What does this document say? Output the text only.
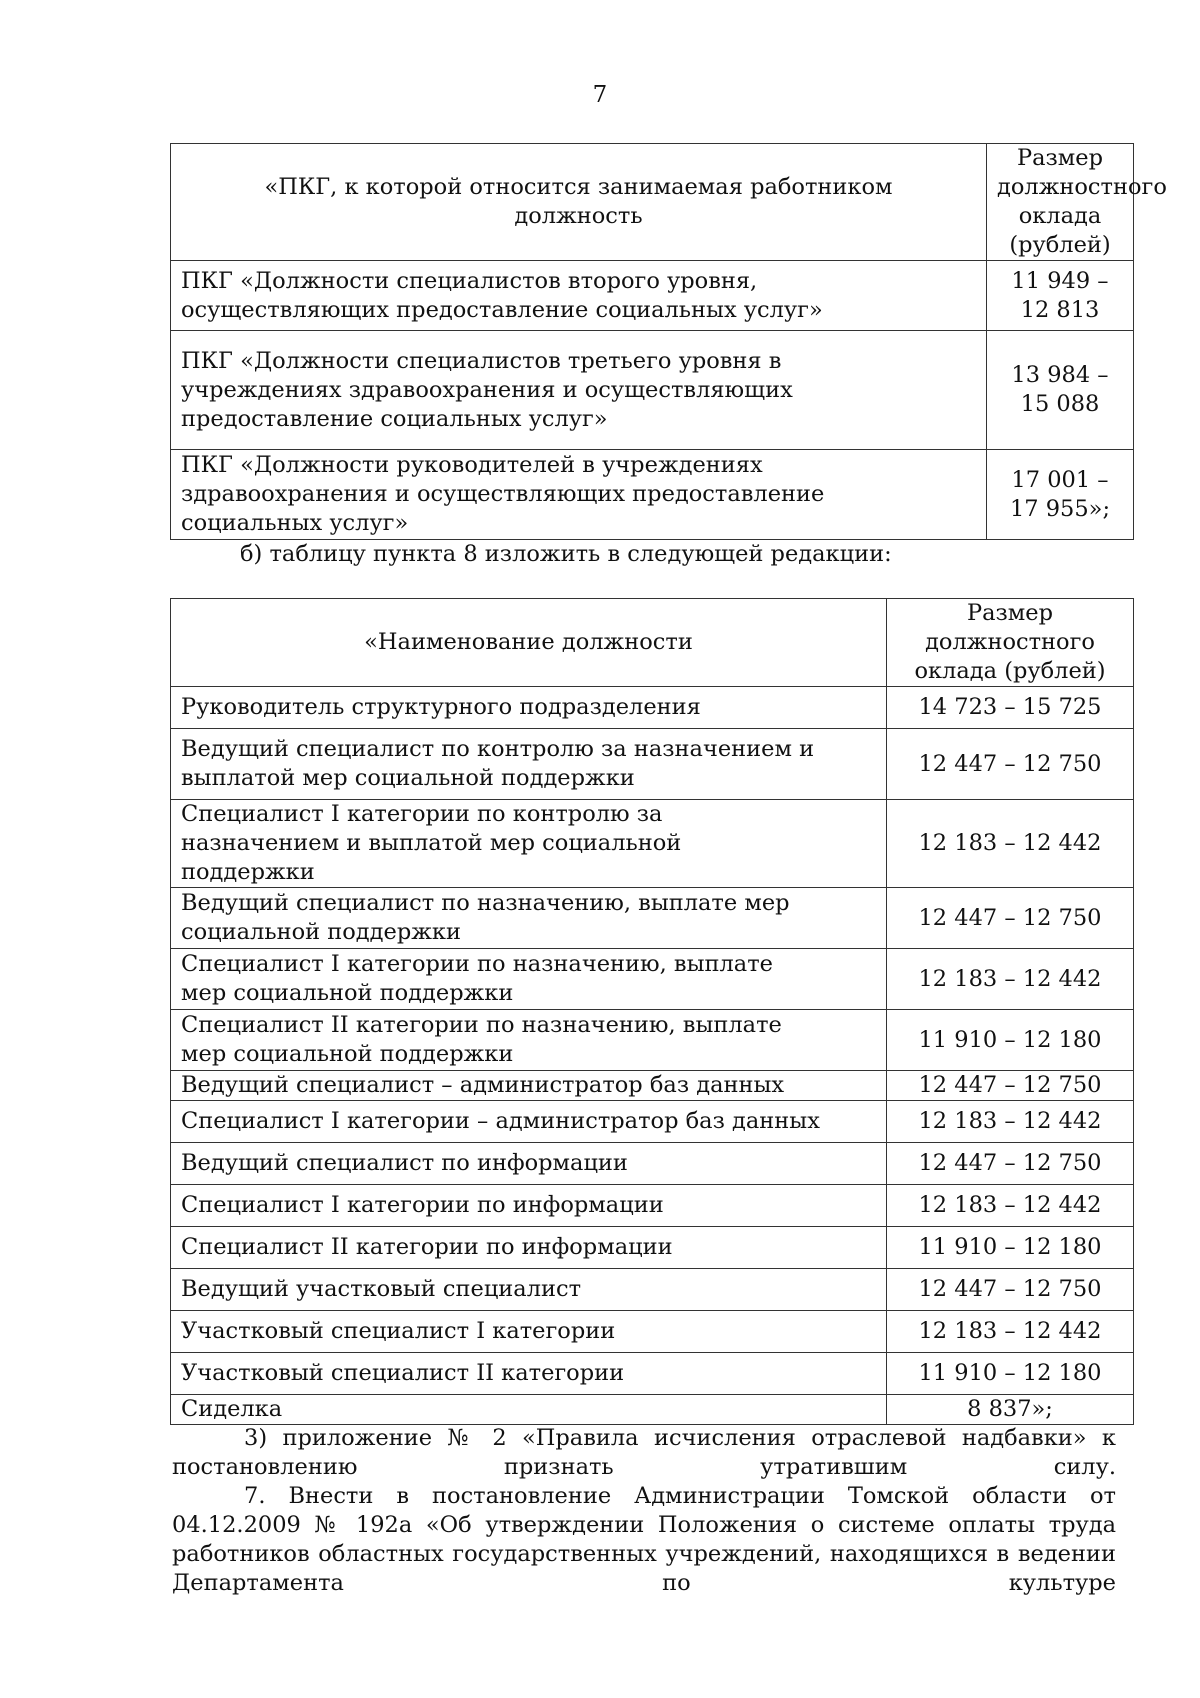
7
«ПКГ, к которой относится занимаемая работником должность	Размер должностного оклада (рублей)
ПКГ «Должности специалистов второго уровня, осуществляющих предоставление социальных услуг»	11 949 – 12 813
ПКГ «Должности специалистов третьего уровня в учреждениях здравоохранения и осуществляющих предоставление социальных услуг»	13 984 – 15 088
ПКГ «Должности руководителей в учреждениях здравоохранения и осуществляющих предоставление социальных услуг»	17 001 – 17 955»;

б) таблицу пункта 8 изложить в следующей редакции:

«Наименование должности	Размер должностного оклада (рублей)
Руководитель структурного подразделения	14 723 – 15 725
Ведущий специалист по контролю за назначением и выплатой мер социальной поддержки	12 447 – 12 750
Специалист I категории по контролю за назначением и выплатой мер социальной поддержки	12 183 – 12 442
Ведущий специалист по назначению, выплате мер социальной поддержки	12 447 – 12 750
Специалист I категории по назначению, выплате мер социальной поддержки	12 183 – 12 442
Специалист II категории по назначению, выплате мер социальной поддержки	11 910 – 12 180
Ведущий специалист – администратор баз данных	12 447 – 12 750
Специалист I категории – администратор баз данных	12 183 – 12 442
Ведущий специалист по информации	12 447 – 12 750
Специалист I категории по информации	12 183 – 12 442
Специалист II категории по информации	11 910 – 12 180
Ведущий участковый специалист	12 447 – 12 750
Участковый специалист I категории	12 183 – 12 442
Участковый специалист II категории	11 910 – 12 180
Сиделка	8 837»;

3) приложение № 2 «Правила исчисления отраслевой надбавки» к постановлению признать утратившим силу.

7. Внести в постановление Администрации Томской области от 04.12.2009 № 192а «Об утверждении Положения о системе оплаты труда работников областных государственных учреждений, находящихся в ведении Департамента по культуре
